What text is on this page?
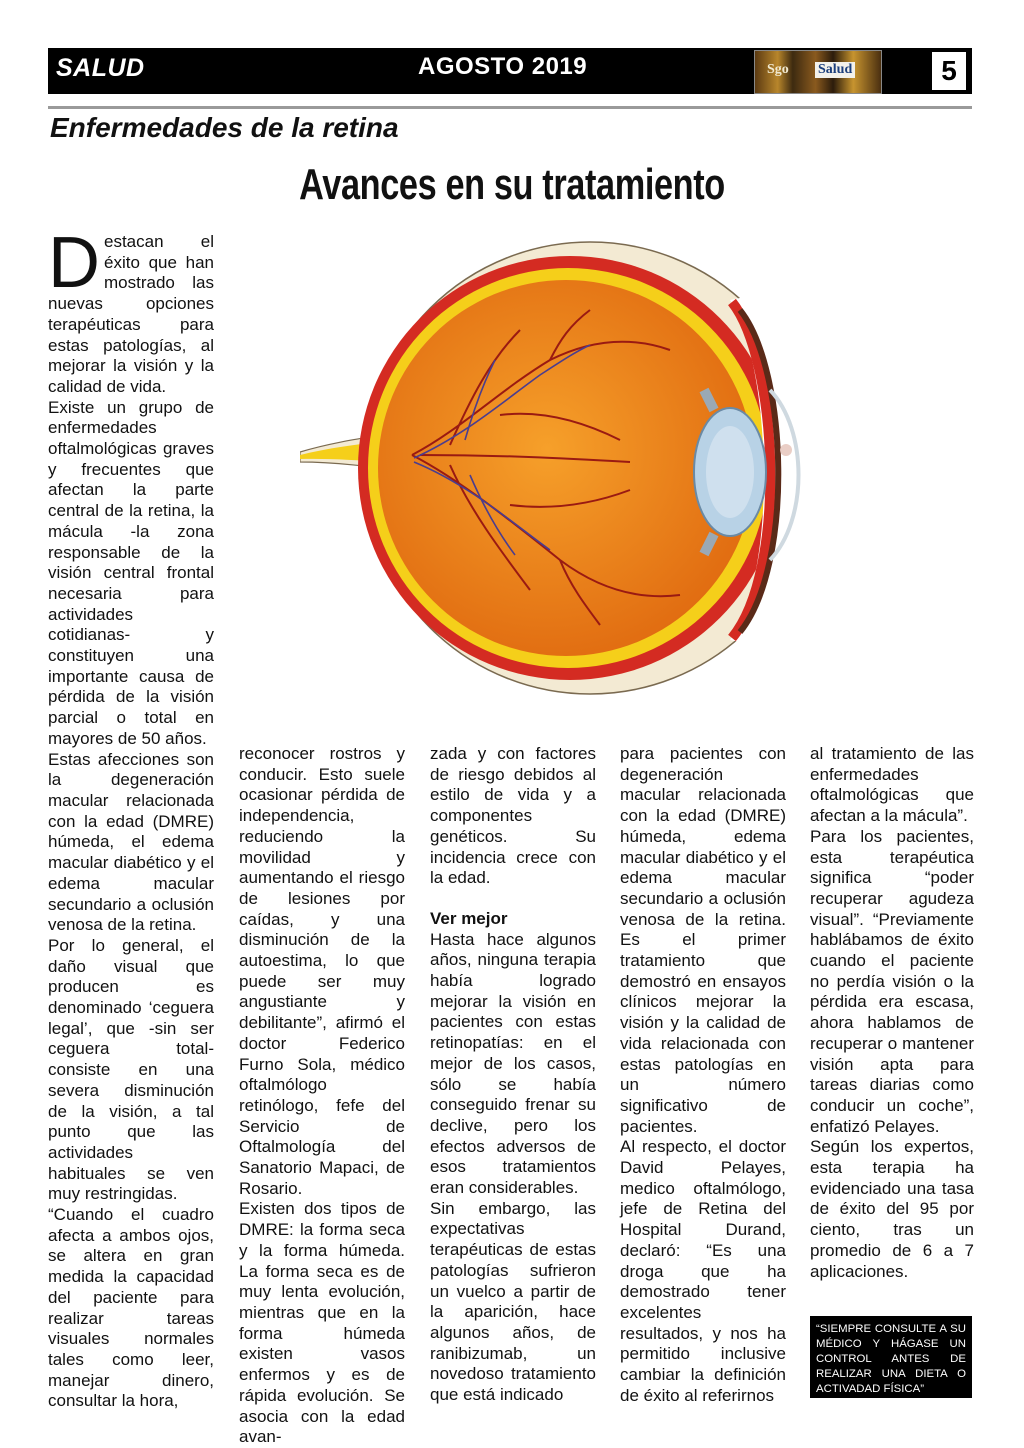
SALUD	AGOSTO 2019	Sgo Salud	5
Enfermedades de la retina
Avances en su tratamiento

Destacan el éxito que han mostrado las nuevas opciones terapéuticas para estas patologías, al mejorar la visión y la calidad de vida.

Existe un grupo de enfermedades oftalmológicas graves y frecuentes que afectan la parte central de la retina, la mácula -la zona responsable de la visión central frontal necesaria para actividades cotidianas- y constituyen una importante causa de pérdida de la visión parcial o total en mayores de 50 años.

Estas afecciones son la degeneración macular relacionada con la edad (DMRE) húmeda, el edema macular diabético y el edema macular secundario a oclusión venosa de la retina.

Por lo general, el daño visual que producen es denominado ‘ceguera legal’, que -sin ser ceguera total- consiste en una severa disminución de la visión, a tal punto que las actividades habituales se ven muy restringidas.

“Cuando el cuadro afecta a ambos ojos, se altera en gran medida la capacidad del paciente para realizar tareas visuales normales tales como leer, manejar dinero, consultar la hora,

reconocer rostros y conducir. Esto suele ocasionar pérdida de independencia, reduciendo la movilidad y aumentando el riesgo de lesiones por caídas, y una disminución de la autoestima, lo que puede ser muy angustiante y debilitante”, afirmó el doctor Federico Furno Sola, médico oftalmólogo retinólogo, fefe del Servicio de Oftalmología del Sanatorio Mapaci, de Rosario.

Existen dos tipos de DMRE: la forma seca y la forma húmeda. La forma seca es de muy lenta evolución, mientras que en la forma húmeda existen vasos enfermos y es de rápida evolución. Se asocia con la edad avan-

zada y con factores de riesgo debidos al estilo de vida y a componentes genéticos. Su incidencia crece con la edad.

Ver mejor

Hasta hace algunos años, ninguna terapia había logrado mejorar la visión en pacientes con estas retinopatías: en el mejor de los casos, sólo se había conseguido frenar su declive, pero los efectos adversos de esos tratamientos eran considerables.

Sin embargo, las expectativas terapéuticas de estas patologías sufrieron un vuelco a partir de la aparición, hace algunos años, de ranibizumab, un novedoso tratamiento que está indicado

para pacientes con degeneración macular relacionada con la edad (DMRE) húmeda, edema macular diabético y el edema macular secundario a oclusión venosa de la retina. Es el primer tratamiento que demostró en ensayos clínicos mejorar la visión y la calidad de vida relacionada con estas patologías en un número significativo de pacientes.

Al respecto, el doctor David Pelayes, medico oftalmólogo, jefe de Retina del Hospital Durand, declaró: “Es una droga que ha demostrado tener excelentes resultados, y nos ha permitido inclusive cambiar la definición de éxito al referirnos

al tratamiento de las enfermedades oftalmológicas que afectan a la mácula”.

Para los pacientes, esta terapéutica significa “poder recuperar agudeza visual”. “Previamente hablábamos de éxito cuando el paciente no perdía visión o la pérdida era escasa, ahora hablamos de recuperar o mantener visión apta para tareas diarias como conducir un coche”, enfatizó Pelayes.

Según los expertos, esta terapia ha evidenciado una tasa de éxito del 95 por ciento, tras un promedio de 6 a 7 aplicaciones.

“SIEMPRE CONSULTE A SU MÉDICO Y HÁGASE UN CONTROL ANTES DE REALIZAR UNA DIETA O ACTIVADAD FÍSICA”
